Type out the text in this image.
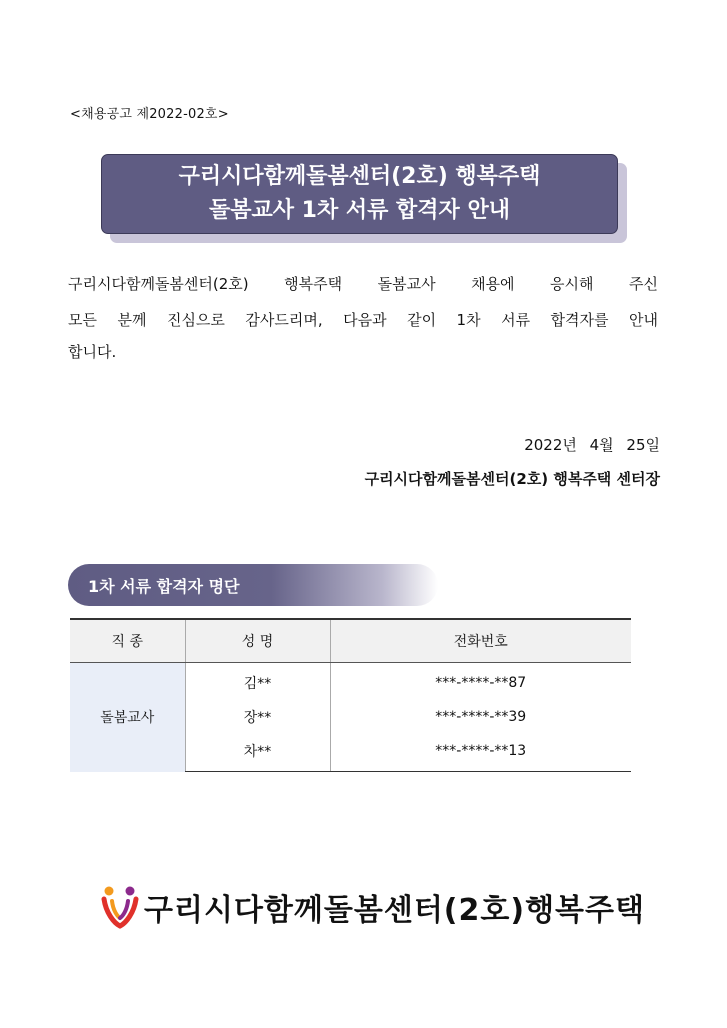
<채용공고 제2022-02호>
구리시다함께돌봄센터(2호) 행복주택
돌봄교사 1차 서류 합격자 안내
구리시다함께돌봄센터(2호) 행복주택 돌봄교사 채용에 응시해 주신
모든 분께 진심으로 감사드리며, 다음과 같이 1차 서류 합격자를 안내
합니다.
2022년 4월 25일
구리시다함께돌봄센터(2호) 행복주택 센터장
1차 서류 합격자 명단
직 종	성 명	전화번호
돌봄교사	김**	***-****-**87
	장**	***-****-**39
	차**	***-****-**13
구리시다함께돌봄센터(2호)행복주택
